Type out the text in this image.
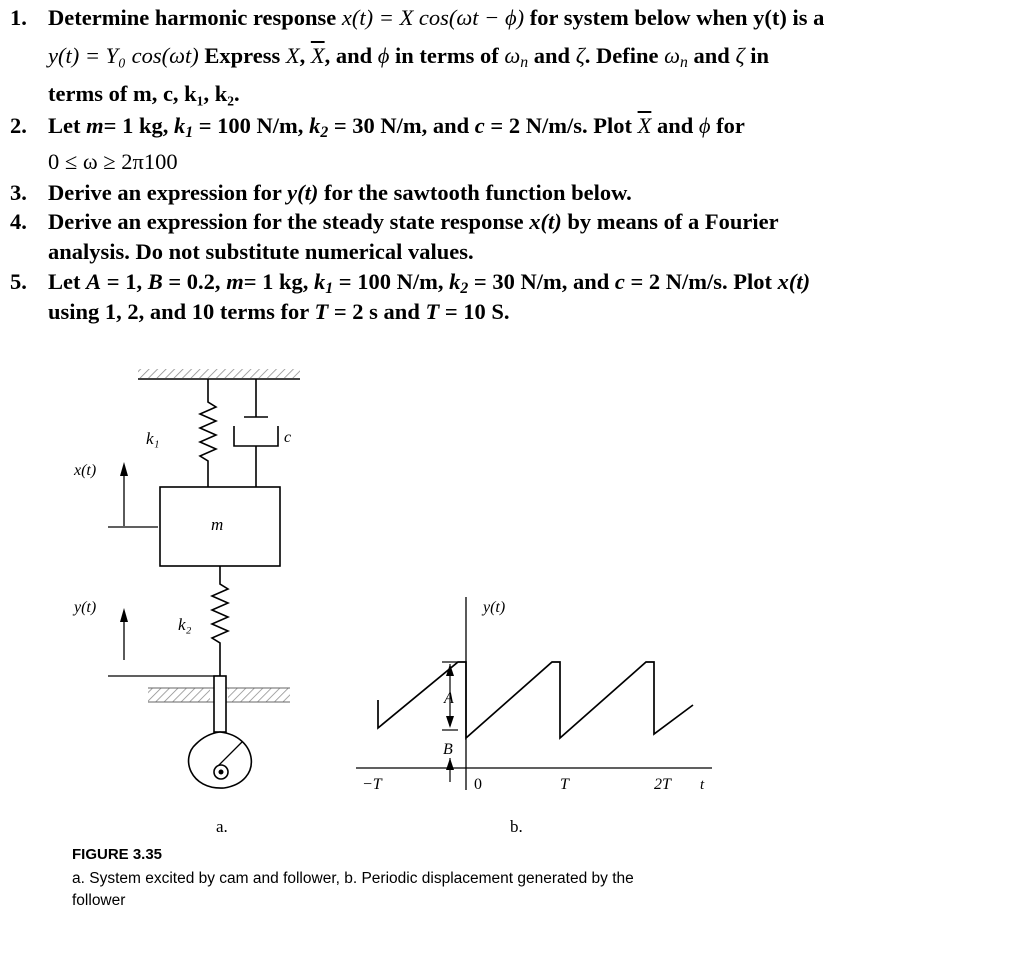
1. Determine harmonic response x(t) = X cos(ωt − ϕ) for system below when y(t) is a
y(t) = Y₀ cos(ωt) Express X, $\overline{X}$, and ϕ in terms of $\omega_n$ and ζ. Define $\omega_n$ and ζ in
terms of m, c, k₁, k₂.
2. Let m= 1 kg, $k_1 = 100$ N/m, $k_2 = 30$ N/m, and c = 2 N/m/s. Plot $\overline{X}$ and ϕ for
0 ≤ ω ≥ 2π100
3. Derive an expression for y(t) for the sawtooth function below.
4. Derive an expression for the steady state response x(t) by means of a Fourier
analysis. Do not substitute numerical values.
5. Let A = 1, B = 0.2, m= 1 kg, $k_1 = 100$ N/m, $k_2 = 30$ N/m, and c = 2 N/m/s. Plot x(t)
using 1, 2, and 10 terms for T = 2 s and T = 10 S.
k₁	c
m
x(t)
k₂
y(t)
a.
y(t)
A
B
−T	0	T	2T t
b.
FIGURE 3.35
a. System excited by cam and follower, b. Periodic displacement generated by the
follower
